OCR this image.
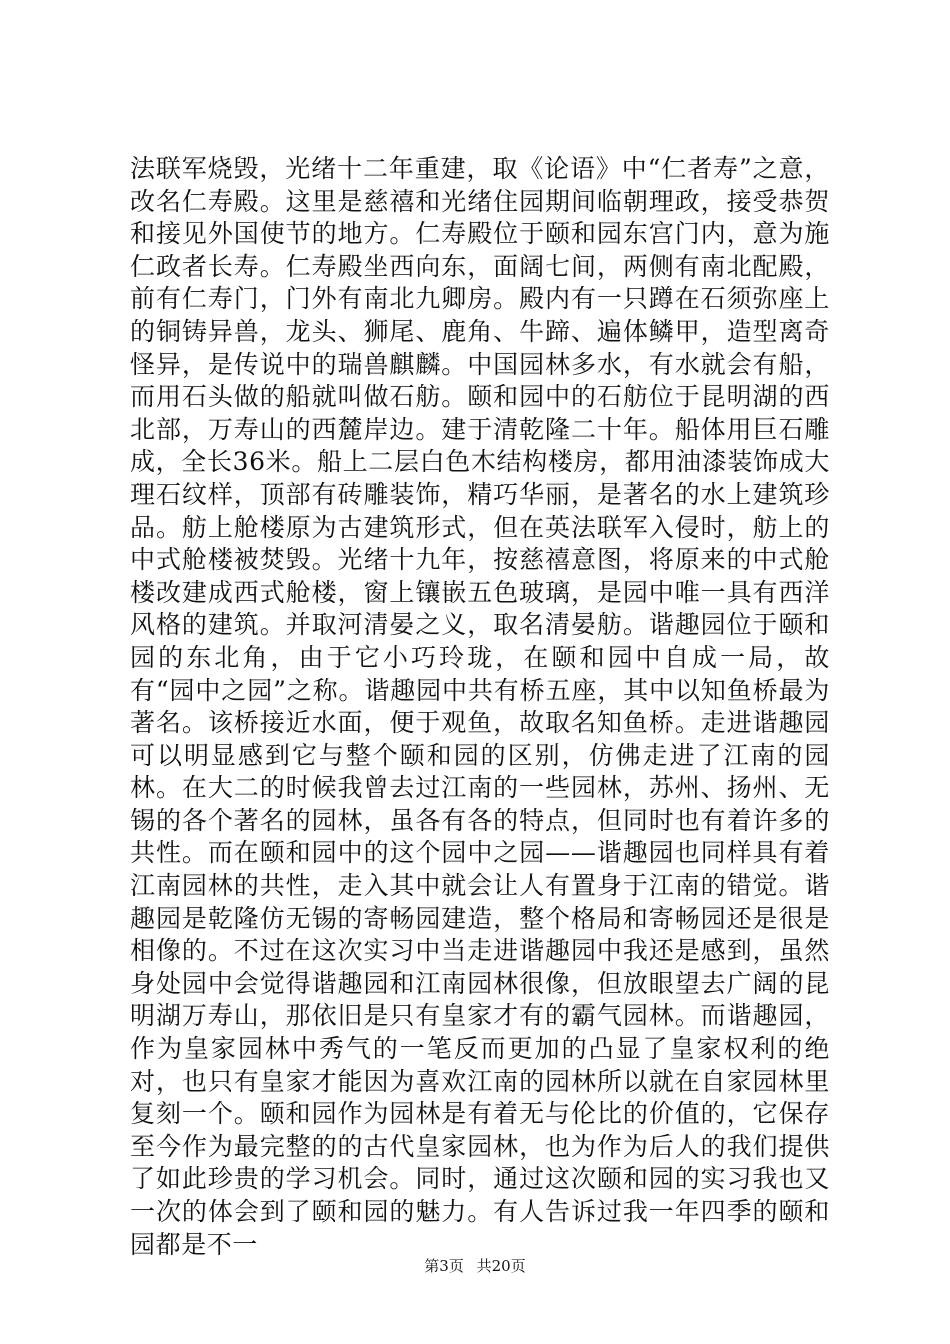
法联军烧毁，光绪十二年重建，取《论语》中“仁者寿”之意，改名仁寿殿。这里是慈禧和光绪住园期间临朝理政，接受恭贺和接见外国使节的地方。仁寿殿位于颐和园东宫门内，意为施仁政者长寿。仁寿殿坐西向东，面阔七间，两侧有南北配殿，前有仁寿门，门外有南北九卿房。殿内有一只蹲在石须弥座上的铜铸异兽，龙头、狮尾、鹿角、牛蹄、遍体鳞甲，造型离奇怪异，是传说中的瑞兽麒麟。中国园林多水，有水就会有船，而用石头做的船就叫做石舫。颐和园中的石舫位于昆明湖的西北部，万寿山的西麓岸边。建于清乾隆二十年。船体用巨石雕成，全长36米。船上二层白色木结构楼房，都用油漆装饰成大理石纹样，顶部有砖雕装饰，精巧华丽，是著名的水上建筑珍品。舫上舱楼原为古建筑形式，但在英法联军入侵时，舫上的中式舱楼被焚毁。光绪十九年，按慈禧意图，将原来的中式舱楼改建成西式舱楼，窗上镶嵌五色玻璃，是园中唯一具有西洋风格的建筑。并取河清晏之义，取名清晏舫。谐趣园位于颐和园的东北角，由于它小巧玲珑，在颐和园中自成一局，故有“园中之园”之称。谐趣园中共有桥五座，其中以知鱼桥最为著名。该桥接近水面，便于观鱼，故取名知鱼桥。走进谐趣园可以明显感到它与整个颐和园的区别，仿佛走进了江南的园林。在大二的时候我曾去过江南的一些园林，苏州、扬州、无锡的各个著名的园林，虽各有各的特点，但同时也有着许多的共性。而在颐和园中的这个园中之园——谐趣园也同样具有着江南园林的共性，走入其中就会让人有置身于江南的错觉。谐趣园是乾隆仿无锡的寄畅园建造，整个格局和寄畅园还是很是相像的。不过在这次实习中当走进谐趣园中我还是感到，虽然身处园中会觉得谐趣园和江南园林很像，但放眼望去广阔的昆明湖万寿山，那依旧是只有皇家才有的霸气园林。而谐趣园，作为皇家园林中秀气的一笔反而更加的凸显了皇家权利的绝对，也只有皇家才能因为喜欢江南的园林所以就在自家园林里复刻一个。颐和园作为园林是有着无与伦比的价值的，它保存至今作为最完整的的古代皇家园林，也为作为后人的我们提供了如此珍贵的学习机会。同时，通过这次颐和园的实习我也又一次的体会到了颐和园的魅力。有人告诉过我一年四季的颐和园都是不一

第3页 共20页
